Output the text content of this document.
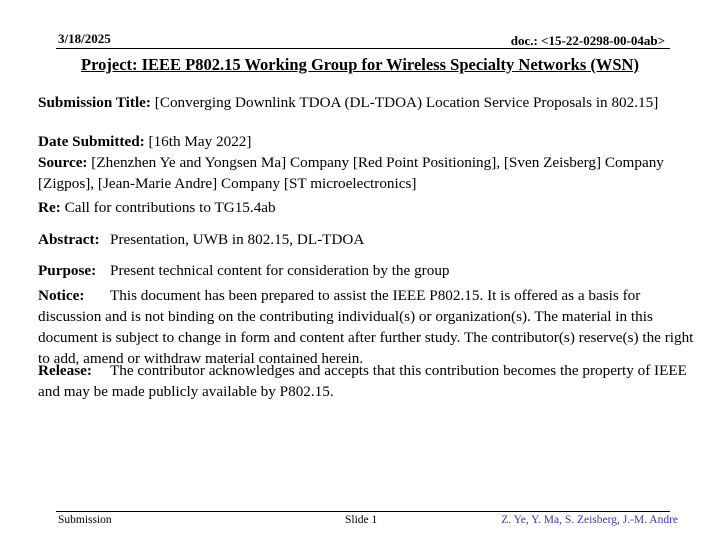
3/18/2025	doc.: <15-22-0298-00-04ab>
Project: IEEE P802.15 Working Group for Wireless Specialty Networks (WSN)
Submission Title: [Converging Downlink TDOA (DL-TDOA) Location Service Proposals in 802.15]
Date Submitted: [16th May 2022]
Source: [Zhenzhen Ye and Yongsen Ma] Company [Red Point Positioning], [Sven Zeisberg] Company [Zigpos], [Jean-Marie Andre] Company [ST microelectronics]
Re: Call for contributions to TG15.4ab
Abstract: Presentation, UWB in 802.15, DL-TDOA
Purpose: Present technical content for consideration by the group
Notice: This document has been prepared to assist the IEEE P802.15. It is offered as a basis for discussion and is not binding on the contributing individual(s) or organization(s). The material in this document is subject to change in form and content after further study. The contributor(s) reserve(s) the right to add, amend or withdraw material contained herein.
Release: The contributor acknowledges and accepts that this contribution becomes the property of IEEE and may be made publicly available by P802.15.
Submission	Slide 1	Z. Ye, Y. Ma, S. Zeisberg, J.-M. Andre
